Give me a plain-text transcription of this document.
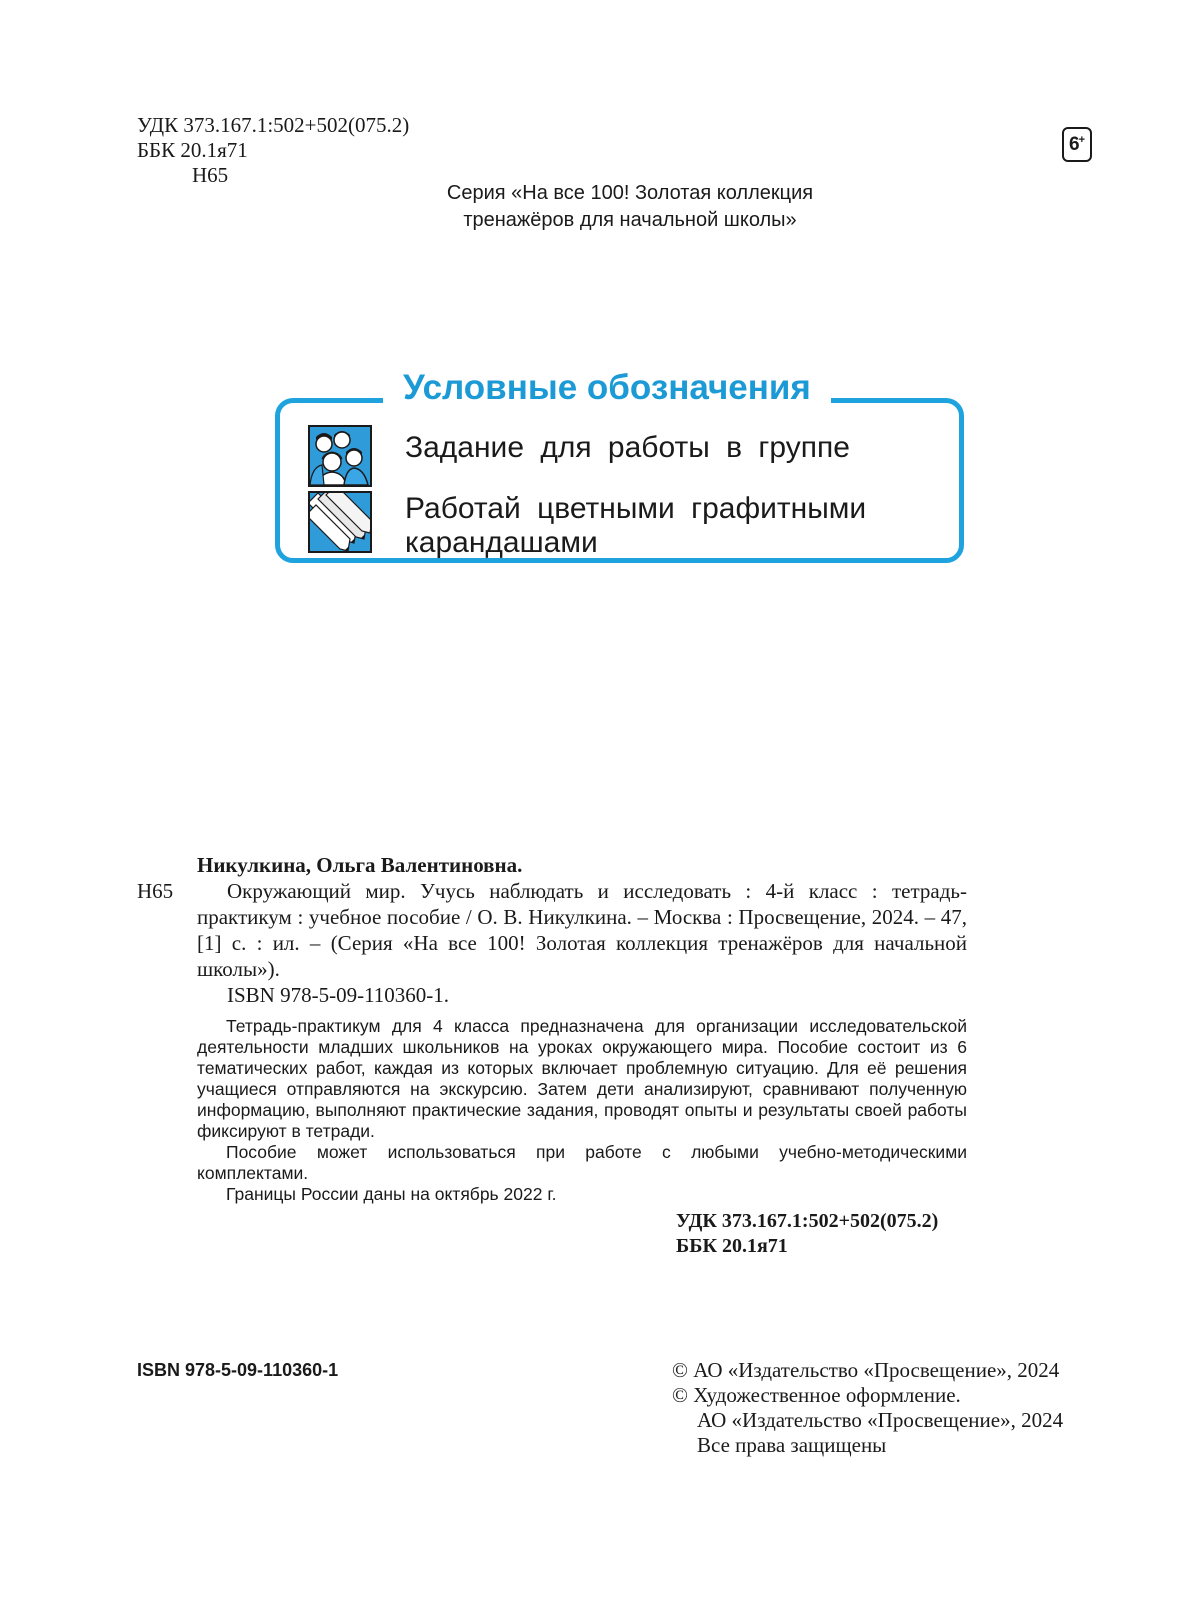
УДК 373.167.1:502+502(075.2)
ББК 20.1я71
Н65
6+
Серия «На все 100! Золотая коллекция
тренажёров для начальной школы»
Условные обозначения
Задание для работы в группе
Работай цветными графитными карандашами
Никулкина, Ольга Валентиновна.
Н65	Окружающий мир. Учусь наблюдать и исследовать : 4-й класс : тетрадь-практикум : учебное пособие / О. В. Никулкина. – Москва : Просвещение, 2024. – 47, [1] с. : ил. – (Серия «На все 100! Золотая коллекция тренажёров для начальной школы»).
ISBN 978-5-09-110360-1.

Тетрадь-практикум для 4 класса предназначена для организации исследовательской деятельности младших школьников на уроках окружающего мира. Пособие состоит из 6 тематических работ, каждая из которых включает проблемную ситуацию. Для её решения учащиеся отправляются на экскурсию. Затем дети анализируют, сравнивают полученную информацию, выполняют практические задания, проводят опыты и результаты своей работы фиксируют в тетради.

Пособие может использоваться при работе с любыми учебно-методическими комплектами.

Границы России даны на октябрь 2022 г.

УДК 373.167.1:502+502(075.2)
ББК 20.1я71
ISBN 978-5-09-110360-1	© АО «Издательство «Просвещение», 2024
© Художественное оформление.
АО «Издательство «Просвещение», 2024
Все права защищены
